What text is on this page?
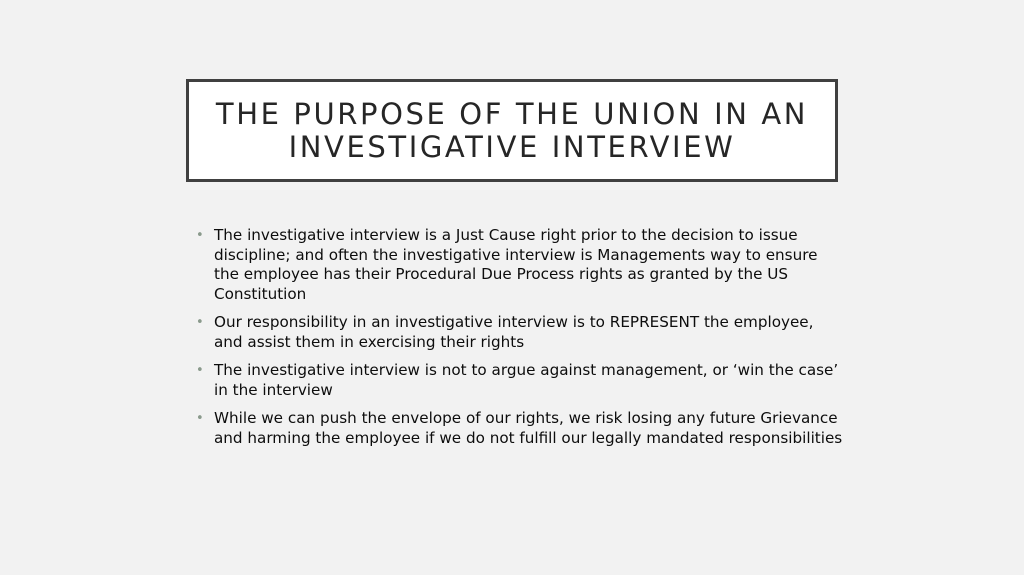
THE PURPOSE OF THE UNION IN AN INVESTIGATIVE INTERVIEW
• The investigative interview is a Just Cause right prior to the decision to issue discipline; and often the investigative interview is Managements way to ensure the employee has their Procedural Due Process rights as granted by the US Constitution
• Our responsibility in an investigative interview is to REPRESENT the employee, and assist them in exercising their rights
• The investigative interview is not to argue against management, or ‘win the case’ in the interview
• While we can push the envelope of our rights, we risk losing any future Grievance and harming the employee if we do not fulfill our legally mandated responsibilities
